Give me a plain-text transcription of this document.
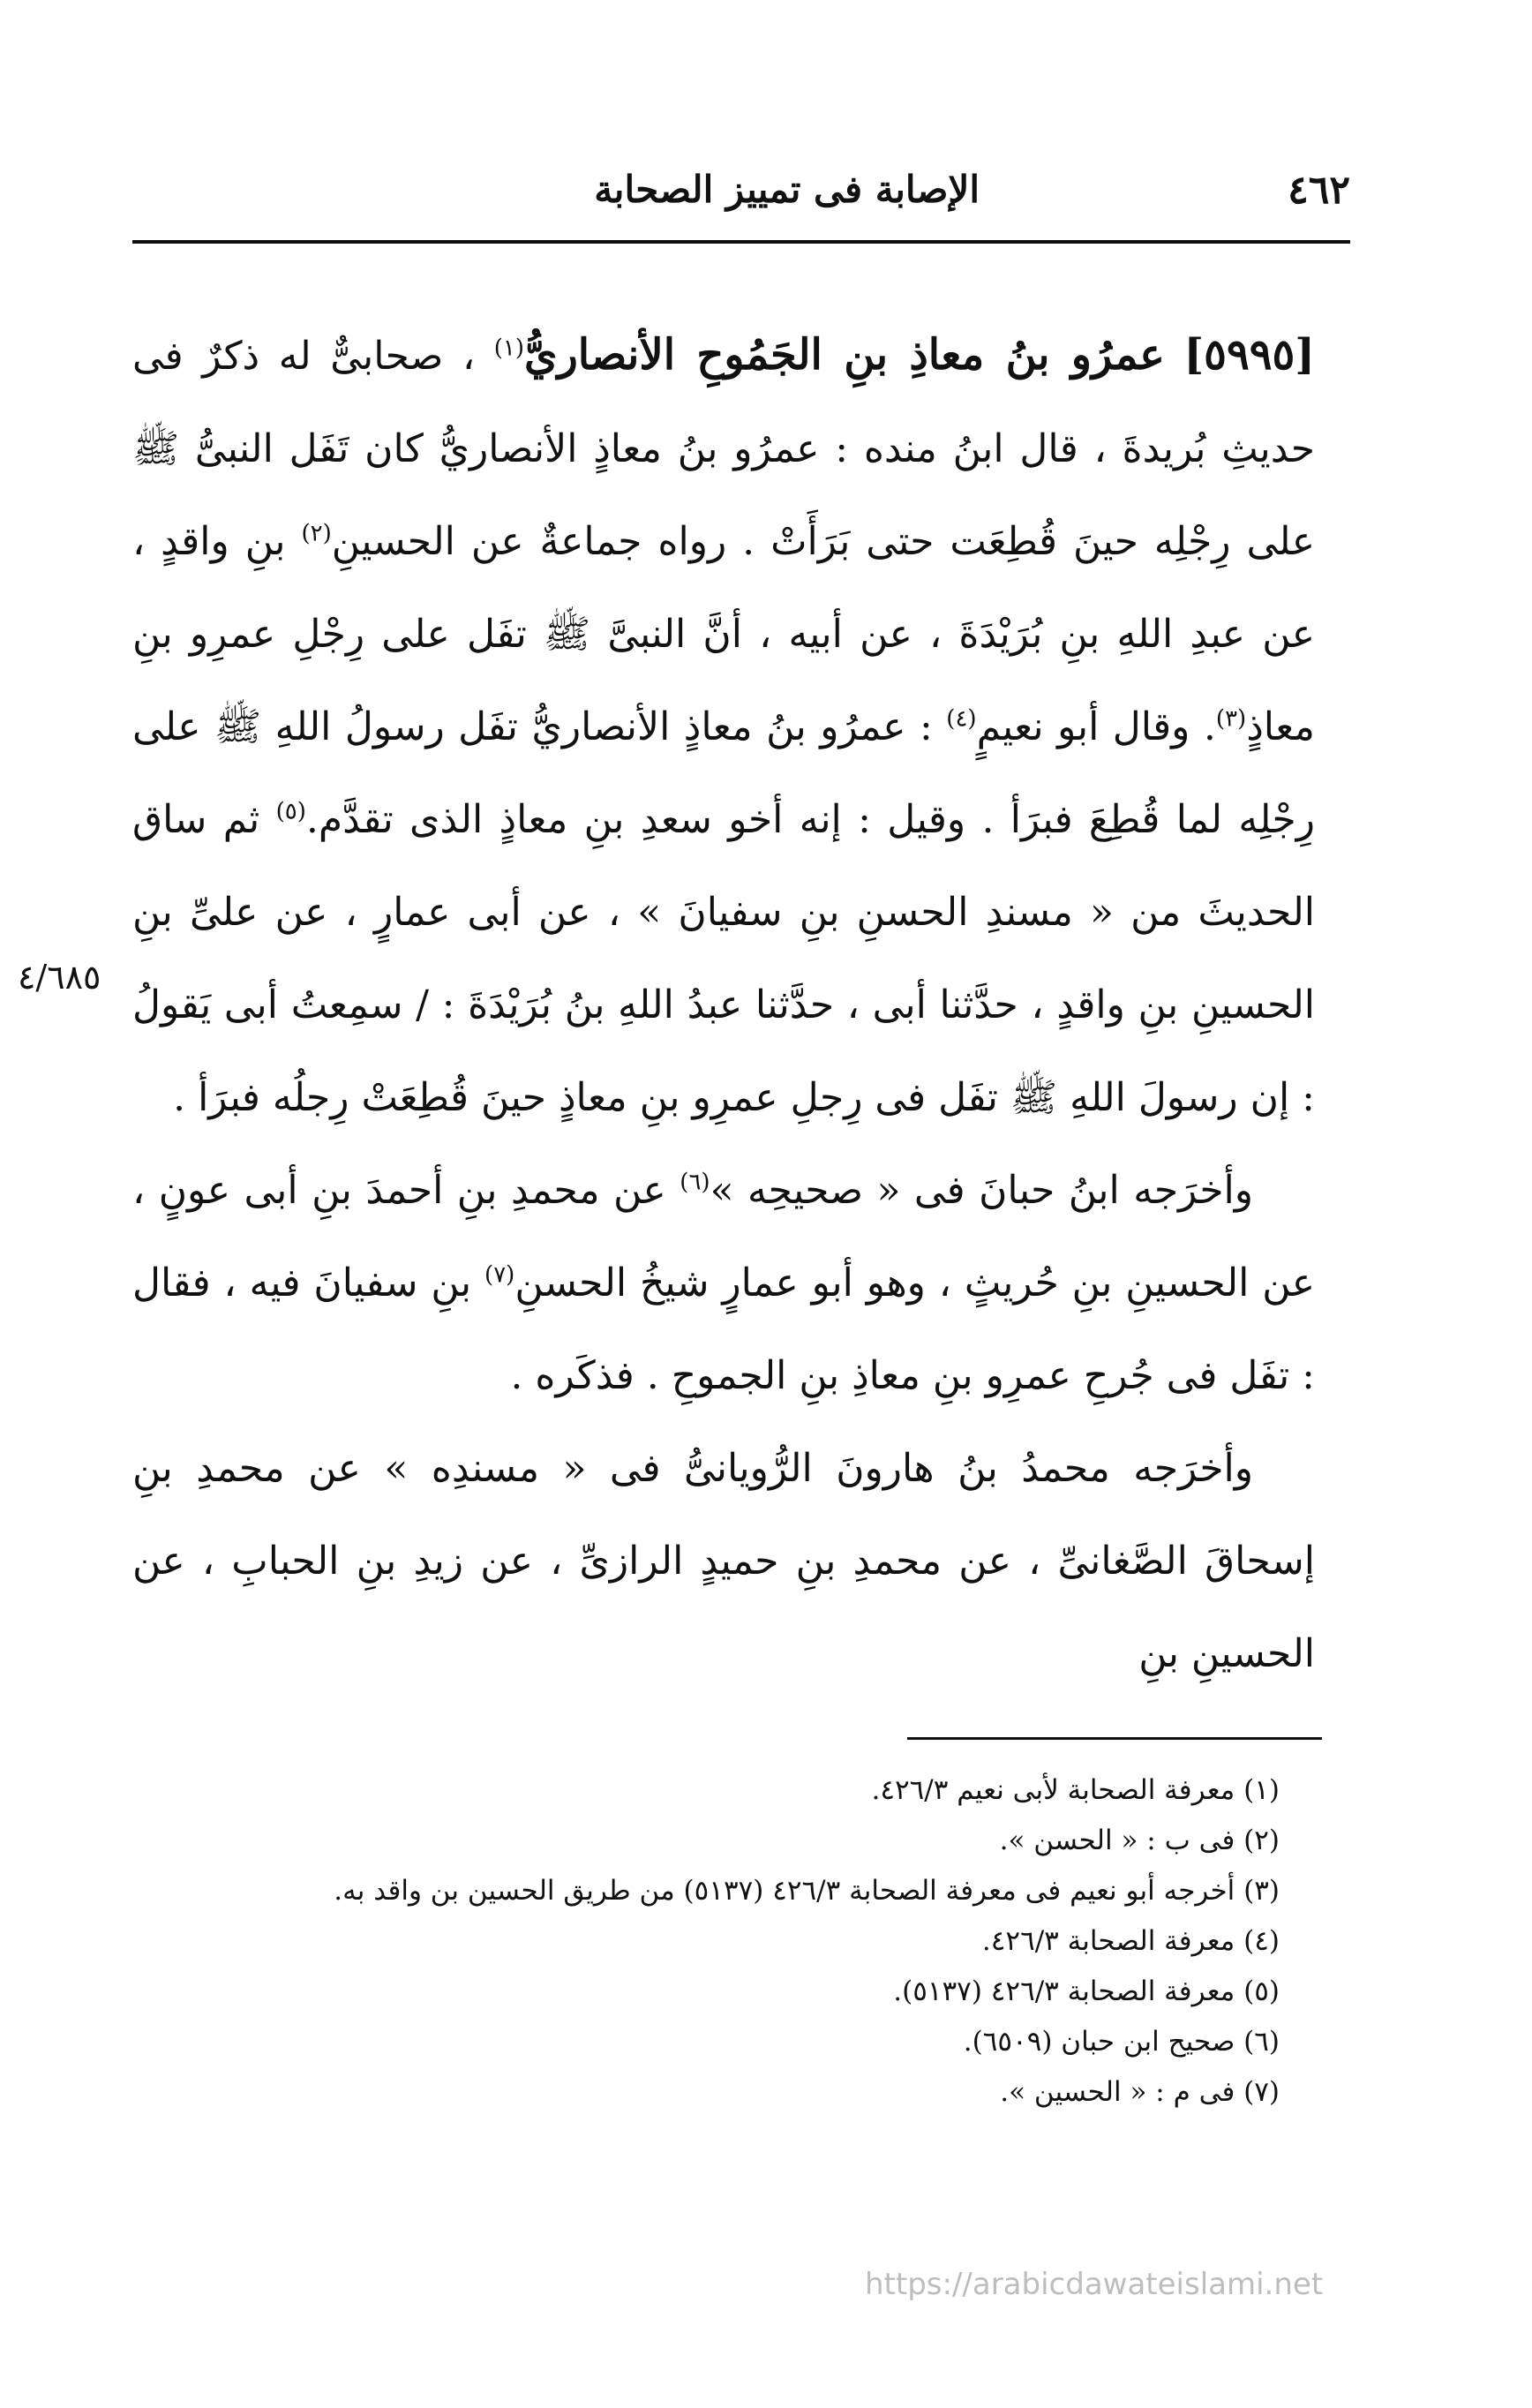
٤٦٢
الإصابة فى تمييز الصحابة

[٥٩٩٥] عمرُو بنُ معاذِ بنِ الجَمُوحِ الأنصاريُّ$^{(١)}$ ، صحابىٌّ له ذكرٌ فى حديثِ بُريدةَ ، قال ابنُ منده : عمرُو بنُ معاذٍ الأنصاريُّ كان تَفَل النبىُّ ﷺ على رِجْلِه حينَ قُطِعَت حتى بَرَأَتْ . رواه جماعةٌ عن الحسينِ$^{(٢)}$ بنِ واقدٍ ، عن عبدِ اللهِ بنِ بُرَيْدَةَ ، عن أبيه ، أنَّ النبىَّ ﷺ تفَل على رِجْلِ عمرِو بنِ معاذٍ$^{(٣)}$. وقال أبو نعيمٍ$^{(٤)}$ : عمرُو بنُ معاذٍ الأنصاريُّ تفَل رسولُ اللهِ ﷺ على رِجْلِه لما قُطِعَ فبرَأ . وقيل : إنه أخو سعدِ بنِ معاذٍ الذى تقدَّم.$^{(٥)}$ ثم ساق الحديثَ من « مسندِ الحسنِ بنِ سفيانَ » ، عن أبى عمارٍ ، عن علىِّ بنِ الحسينِ بنِ واقدٍ ، حدَّثنا أبى ، حدَّثنا عبدُ اللهِ بنُ بُرَيْدَةَ : / سمِعتُ أبى يَقولُ : إن رسولَ اللهِ ﷺ تفَل فى رِجلِ عمرِو بنِ معاذٍ حينَ قُطِعَتْ رِجلُه فبرَأ .

وأخرَجه ابنُ حبانَ فى « صحيحِه »$^{(٦)}$ عن محمدِ بنِ أحمدَ بنِ أبى عونٍ ، عن الحسينِ بنِ حُريثٍ ، وهو أبو عمارٍ شيخُ الحسنِ$^{(٧)}$ بنِ سفيانَ فيه ، فقال : تفَل فى جُرحِ عمرِو بنِ معاذِ بنِ الجموحِ . فذكَره .

وأخرَجه محمدُ بنُ هارونَ الرُّويانىُّ فى « مسندِه » عن محمدِ بنِ إسحاقَ الصَّغانىِّ ، عن محمدِ بنِ حميدٍ الرازىِّ ، عن زيدِ بنِ الحبابِ ، عن الحسينِ بنِ

٤/٦٨٥

(١) معرفة الصحابة لأبى نعيم ٤٢٦/٣.

(٢) فى ب : « الحسن ».

(٣) أخرجه أبو نعيم فى معرفة الصحابة ٤٢٦/٣ (٥١٣٧) من طريق الحسين بن واقد به.

(٤) معرفة الصحابة ٤٢٦/٣.

(٥) معرفة الصحابة ٤٢٦/٣ (٥١٣٧).

(٦) صحيح ابن حبان (٦٥٠٩).

(٧) فى م : « الحسين ».

https://arabicdawateislami.net
